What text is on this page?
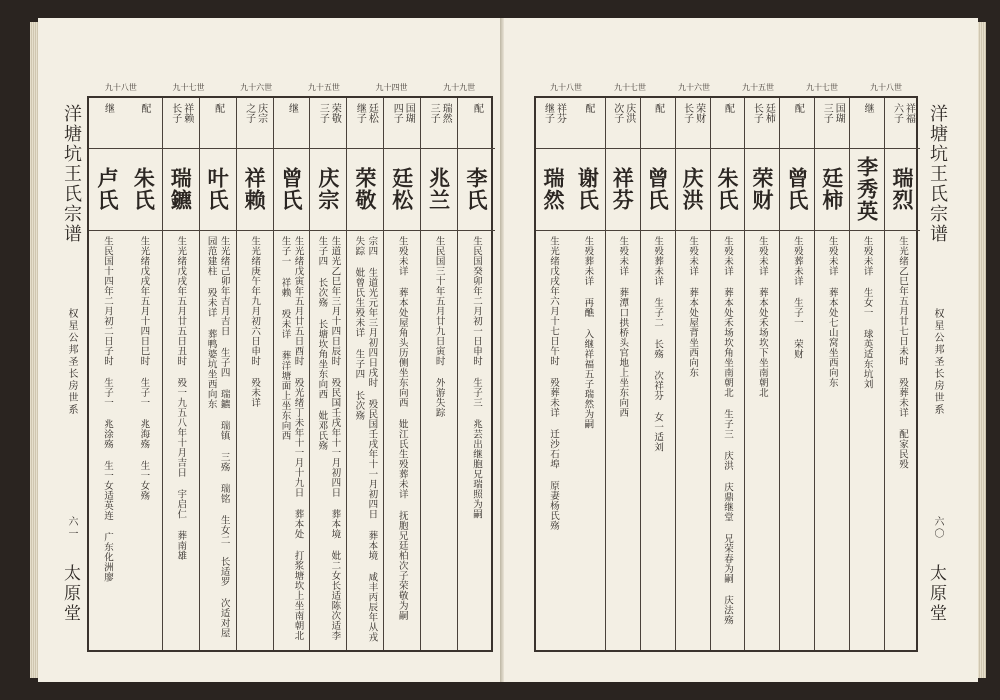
洋塘坑王氏宗谱
权星公邦圣长房世系
六一
太原堂
九十九世
九十四世
九十五世
九十六世
九十七世
九十八世
配
李氏
生民国癸卯年二月初一日申时 生子三 兆芸出继胞兄瑞照为嗣
瑞然 三子
兆兰
生民国三十年五月廿九日寅时 外游失踪
国瑚 四子
廷松
生殁未详 葬本处屋角头历侧坐东向西 妣江氏生殁葬未详 抚胞兄廷柏次子荣敬为嗣
廷松 继子
荣敬
宗四 生道光元年三月初四日戌时 殁民国壬戌年十一月初四日 葬本境 咸丰丙辰年从戎失踪 妣曾氏生殁未详 生子四 长次殇
荣敬 三子
庆宗
生道光乙巳年三月十四日辰时 殁民国壬戌年十一月初四日 葬本境 妣二女长适陈次适李 生子四 长次殇 长塘坎角坐东向西 妣邓氏殇
继
曾氏
生光绪戊寅年五月廿五日酉时 殁光绪丁未年十一月十九日 葬本处 打浆塘坎上坐南朝北 生子一 祥赖 殁未详 葬洋塘面上坐东向西
庆宗 之子
祥赖
生光绪庚午年九月初六日申时 殁未详
配
叶氏
生光绪己卯年吉月吉日 生子四 瑞鑣 瑞镇 三殇 瑞铭 生女二 长适罗 次适对屋园范建柱 殁未详 葬鸭婆坑坐西向东
祥赖 长子
瑞鑣
生光绪戊戌年五月廿五日丑时 殁一九五八年十月吉日 宇启仁 葬南雄
配
朱氏
生光绪戊戌年五月十四日巳时 生子一 兆海殇 生一女殇
继
卢氏
生民国十四年二月初二日子时 生子一 兆涂殇 生一女适英连 广东化洲廖
祥福 六子
瑞烈
生光绪乙巳年五月廿七日未时 殁葬未详 配家民殁
继
李秀英
生殁未详 生女一 球英适东坑刘
国瑚 三子
廷柿
生殁未详 葬本处七山窝坐西向东
配
曾氏
生殁葬未详 生子一 荣财
廷柿 长子
荣财
生殁未详 葬本处禾场坎下坐南朝北
配
朱氏
生殁未详 葬本处禾场坎角坐南朝北 生子三 庆洪 庆鼎继堂 兄荣春为嗣 庆法殇
荣财 长子
庆洪
生殁未详 葬本处屋背坐西向东
配
曾氏
生殁葬未详 生子二 长殇 次祥芬 女一适刘
庆洪 次子
祥芬
生殁未详 葬潭口拱桥头官地上坐东向西
配
谢氏
生殁葬未详 再醮 入继祥福五子瑞然为嗣
祥芬 继子
瑞然
生光绪戊戌年六月十七日午时 殁葬未详 迁沙石埠 原妻杨氏殇
九十八世
九十七世
九十五世
九十六世
九十七世
九十八世
洋塘坑王氏宗谱
权星公邦圣长房世系
六〇
太原堂
